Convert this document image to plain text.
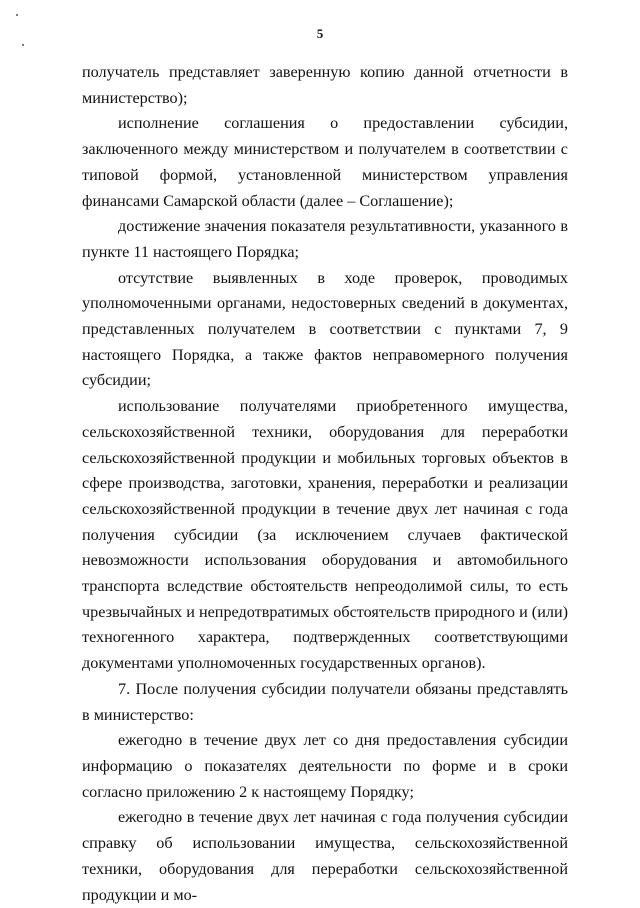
5

получатель представляет заверенную копию данной отчетности в министерство);

исполнение соглашения о предоставлении субсидии, заключенного между министерством и получателем в соответствии с типовой формой, установленной министерством управления финансами Самарской области (далее – Соглашение);

достижение значения показателя результативности, указанного в пункте 11 настоящего Порядка;

отсутствие выявленных в ходе проверок, проводимых уполномоченными органами, недостоверных сведений в документах, представленных получателем в соответствии с пунктами 7, 9 настоящего Порядка, а также фактов неправомерного получения субсидии;

использование получателями приобретенного имущества, сельскохозяйственной техники, оборудования для переработки сельскохозяйственной продукции и мобильных торговых объектов в сфере производства, заготовки, хранения, переработки и реализации сельскохозяйственной продукции в течение двух лет начиная с года получения субсидии (за исключением случаев фактической невозможности использования оборудования и автомобильного транспорта вследствие обстоятельств непреодолимой силы, то есть чрезвычайных и непредотвратимых обстоятельств природного и (или) техногенного характера, подтвержденных соответствующими документами уполномоченных государственных органов).

7. После получения субсидии получатели обязаны представлять в министерство:

ежегодно в течение двух лет со дня предоставления субсидии информацию о показателях деятельности по форме и в сроки согласно приложению 2 к настоящему Порядку;

ежегодно в течение двух лет начиная с года получения субсидии справку об использовании имущества, сельскохозяйственной техники, оборудования для переработки сельскохозяйственной продукции и мо-
